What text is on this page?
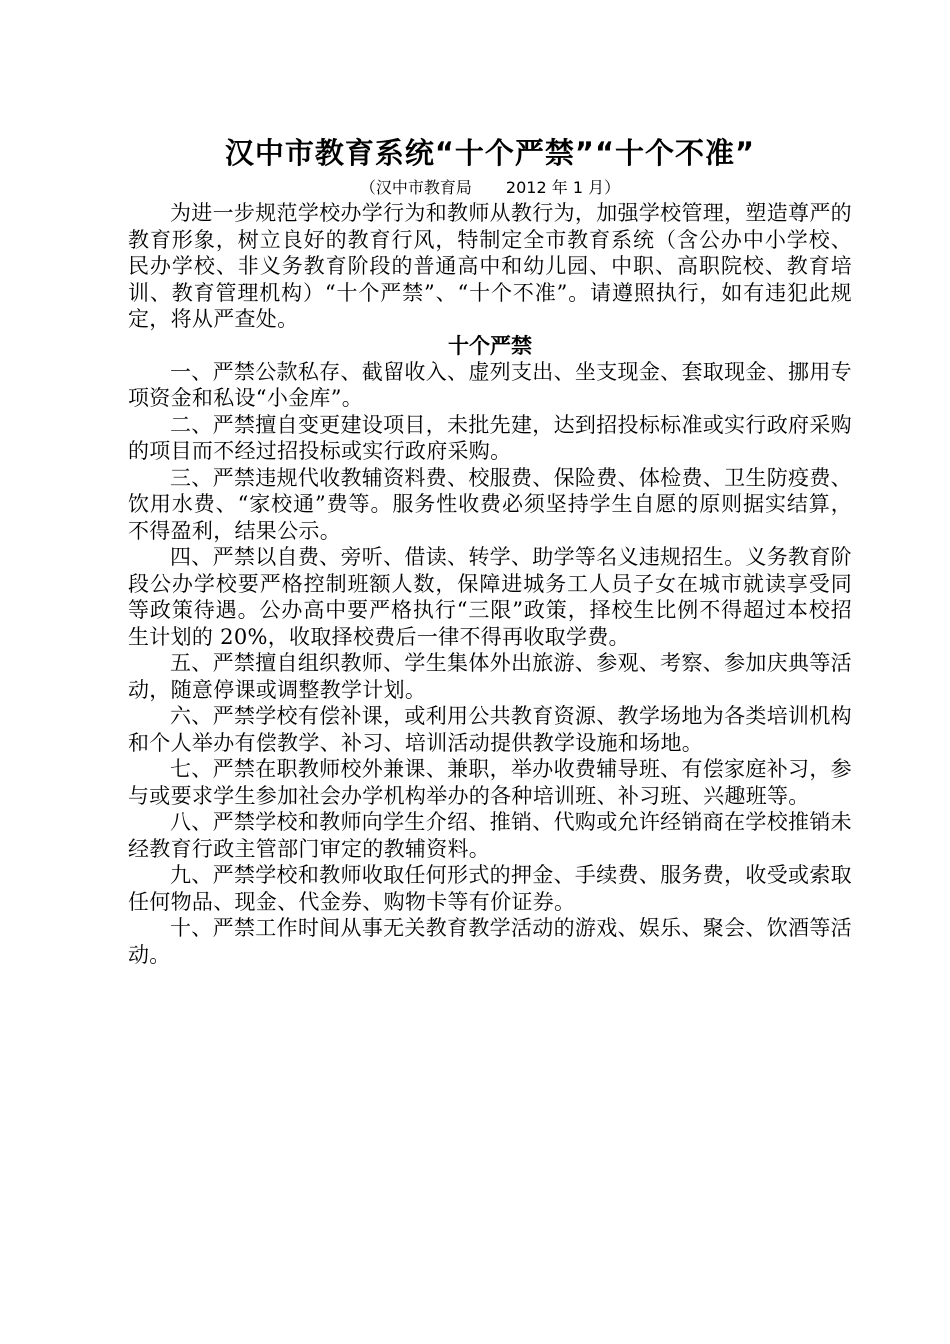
汉中市教育系统“十个严禁”“十个不准”

（汉中市教育局 2012 年 1 月）

为进一步规范学校办学行为和教师从教行为，加强学校管理，塑造尊严的教育形象，树立良好的教育行风，特制定全市教育系统（含公办中小学校、民办学校、非义务教育阶段的普通高中和幼儿园、中职、高职院校、教育培训、教育管理机构）“十个严禁”、“十个不准”。请遵照执行，如有违犯此规定，将从严查处。

十个严禁

一、严禁公款私存、截留收入、虚列支出、坐支现金、套取现金、挪用专项资金和私设“小金库”。

二、严禁擅自变更建设项目，未批先建，达到招投标标准或实行政府采购的项目而不经过招投标或实行政府采购。

三、严禁违规代收教辅资料费、校服费、保险费、体检费、卫生防疫费、饮用水费、“家校通”费等。服务性收费必须坚持学生自愿的原则据实结算，不得盈利，结果公示。

四、严禁以自费、旁听、借读、转学、助学等名义违规招生。义务教育阶段公办学校要严格控制班额人数，保障进城务工人员子女在城市就读享受同等政策待遇。公办高中要严格执行“三限”政策，择校生比例不得超过本校招生计划的 20%，收取择校费后一律不得再收取学费。

五、严禁擅自组织教师、学生集体外出旅游、参观、考察、参加庆典等活动，随意停课或调整教学计划。

六、严禁学校有偿补课，或利用公共教育资源、教学场地为各类培训机构和个人举办有偿教学、补习、培训活动提供教学设施和场地。

七、严禁在职教师校外兼课、兼职，举办收费辅导班、有偿家庭补习，参与或要求学生参加社会办学机构举办的各种培训班、补习班、兴趣班等。

八、严禁学校和教师向学生介绍、推销、代购或允许经销商在学校推销未经教育行政主管部门审定的教辅资料。

九、严禁学校和教师收取任何形式的押金、手续费、服务费，收受或索取任何物品、现金、代金券、购物卡等有价证券。

十、严禁工作时间从事无关教育教学活动的游戏、娱乐、聚会、饮酒等活动。
